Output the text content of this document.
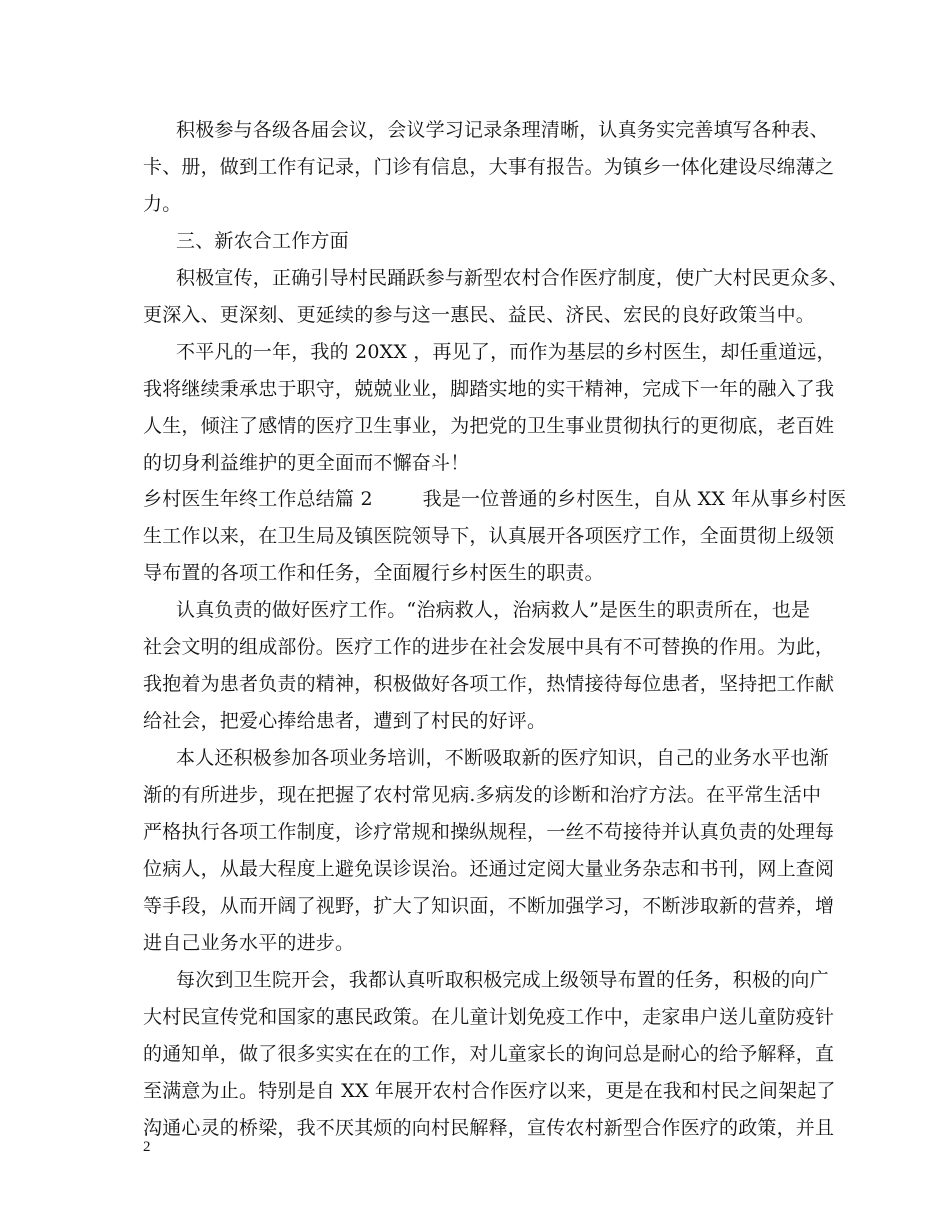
积极参与各级各届会议，会议学习记录条理清晰，认真务实完善填写各种表、
卡、册，做到工作有记录，门诊有信息，大事有报告。为镇乡一体化建设尽绵薄之
力。
三、新农合工作方面
积极宣传，正确引导村民踊跃参与新型农村合作医疗制度，使广大村民更众多、
更深入、更深刻、更延续的参与这一惠民、益民、济民、宏民的良好政策当中。
不平凡的一年，我的 20XX ，再见了，而作为基层的乡村医生，却任重道远，
我将继续秉承忠于职守，兢兢业业，脚踏实地的实干精神，完成下一年的融入了我
人生，倾注了感情的医疗卫生事业，为把党的卫生事业贯彻执行的更彻底，老百姓
的切身利益维护的更全面而不懈奋斗！
乡村医生年终工作总结篇 2        我是一位普通的乡村医生，自从 XX 年从事乡村医
生工作以来，在卫生局及镇医院领导下，认真展开各项医疗工作，全面贯彻上级领
导布置的各项工作和任务，全面履行乡村医生的职责。
认真负责的做好医疗工作。“治病救人，治病救人”是医生的职责所在，也是
社会文明的组成部份。医疗工作的进步在社会发展中具有不可替换的作用。为此，
我抱着为患者负责的精神，积极做好各项工作，热情接待每位患者，坚持把工作献
给社会，把爱心捧给患者，遭到了村民的好评。
本人还积极参加各项业务培训，不断吸取新的医疗知识，自己的业务水平也渐
渐的有所进步，现在把握了农村常见病.多病发的诊断和治疗方法。在平常生活中
严格执行各项工作制度，诊疗常规和操纵规程，一丝不苟接待并认真负责的处理每
位病人，从最大程度上避免误诊误治。还通过定阅大量业务杂志和书刊，网上查阅
等手段，从而开阔了视野，扩大了知识面，不断加强学习，不断涉取新的营养，增
进自己业务水平的进步。
每次到卫生院开会，我都认真听取积极完成上级领导布置的任务，积极的向广
大村民宣传党和国家的惠民政策。在儿童计划免疫工作中，走家串户送儿童防疫针
的通知单，做了很多实实在在的工作，对儿童家长的询问总是耐心的给予解释，直
至满意为止。特别是自 XX 年展开农村合作医疗以来，更是在我和村民之间架起了
沟通心灵的桥梁，我不厌其烦的向村民解释，宣传农村新型合作医疗的政策，并且
2
